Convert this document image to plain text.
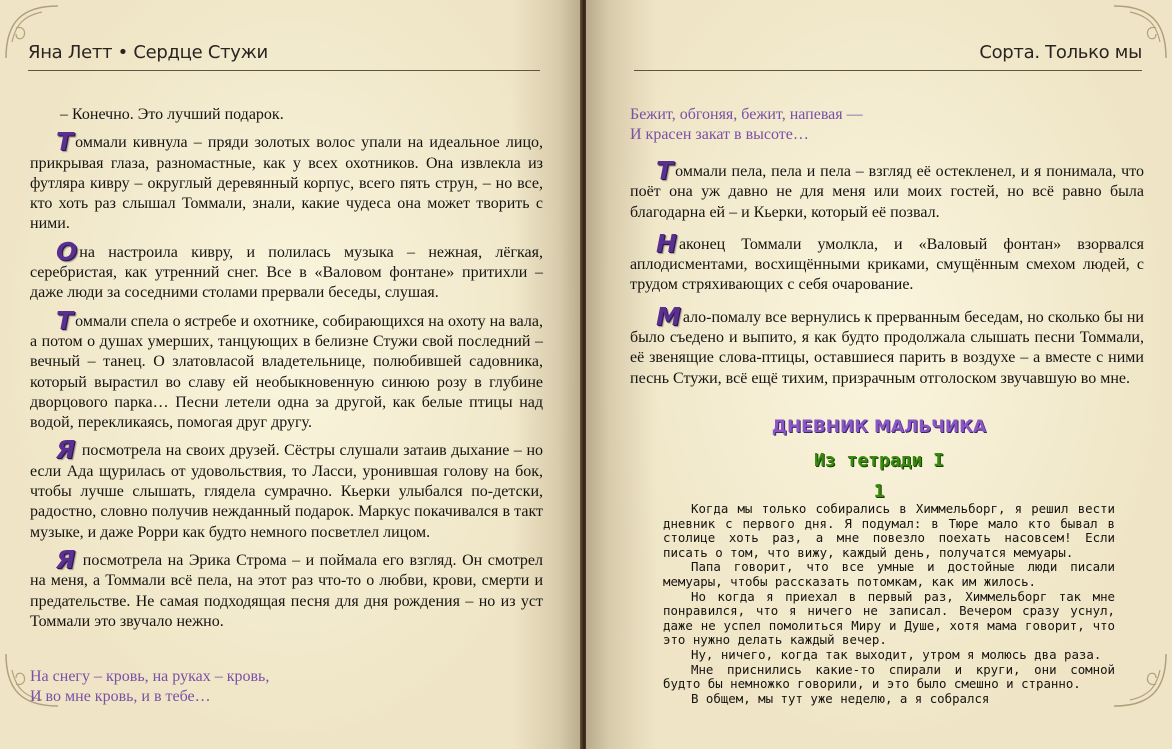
Яна Летт • Сердце Стужи

– Конечно. Это лучший подарок.

Томмали кивнула – пряди золотых волос упали на идеальное лицо, прикрывая глаза, разномастные, как у всех охотников. Она извлекла из футляра кивру – округлый деревянный корпус, всего пять струн, – но все, кто хоть раз слышал Томмали, знали, какие чудеса она может творить с ними.

Она настроила кивру, и полилась музыка – нежная, лёгкая, серебристая, как утренний снег. Все в «Валовом фонтане» притихли – даже люди за соседними столами прервали беседы, слушая.

Томмали спела о ястребе и охотнике, собирающихся на охоту на вала, а потом о душах умерших, танцующих в белизне Стужи свой последний – вечный – танец. О златовласой владетельнице, полюбившей садовника, который вырастил во славу ей необыкновенную синюю розу в глубине дворцового парка… Песни летели одна за другой, как белые птицы над водой, перекликаясь, помогая друг другу.

Я посмотрела на своих друзей. Сёстры слушали затаив дыхание – но если Ада щурилась от удовольствия, то Ласси, уронившая голову на бок, чтобы лучше слышать, глядела сумрачно. Кьерки улыбался по-детски, радостно, словно получив нежданный подарок. Маркус покачивался в такт музыке, и даже Рорри как будто немного посветлел лицом.

Я посмотрела на Эрика Строма – и поймала его взгляд. Он смотрел на меня, а Томмали всё пела, на этот раз что-то о любви, крови, смерти и предательстве. Не самая подходящая песня для дня рождения – но из уст Томмали это звучало нежно.

На снегу – кровь, на руках – кровь,
И во мне кровь, и в тебе…
Сорта. Только мы
Бежит, обгоняя, бежит, напевая —
И красен закат в высоте…

Томмали пела, пела и пела – взгляд её остекленел, и я понимала, что поёт она уж давно не для меня или моих гостей, но всё равно была благодарна ей – и Кьерки, который её позвал.

Наконец Томмали умолкла, и «Валовый фонтан» взорвался аплодисментами, восхищёнными криками, смущённым смехом людей, с трудом стряхивающих с себя очарование.

Мало-помалу все вернулись к прерванным беседам, но сколько бы ни было съедено и выпито, я как будто продолжала слышать песни Томмали, её звенящие слова-птицы, оставшиеся парить в воздухе – а вместе с ними песнь Стужи, всё ещё тихим, призрачным отголоском звучавшую во мне.

ДНЕВНИК МАЛЬЧИКА
Из тетради I
1

Когда мы только собирались в Химмельборг, я решил вести дневник с первого дня. Я подумал: в Тюре мало кто бывал в столице хоть раз, а мне повезло поехать насовсем! Если писать о том, что вижу, каждый день, получатся мемуары.

Папа говорит, что все умные и достойные люди писали мемуары, чтобы рассказать потомкам, как им жилось.

Но когда я приехал в первый раз, Химмельборг так мне понравился, что я ничего не записал. Вечером сразу уснул, даже не успел помолиться Миру и Душе, хотя мама говорит, что это нужно делать каждый вечер.

Ну, ничего, когда так выходит, утром я молюсь два раза.

Мне приснились какие-то спирали и круги, они сомной будто бы немножко говорили, и это было смешно и странно.

В общем, мы тут уже неделю, а я собрался
